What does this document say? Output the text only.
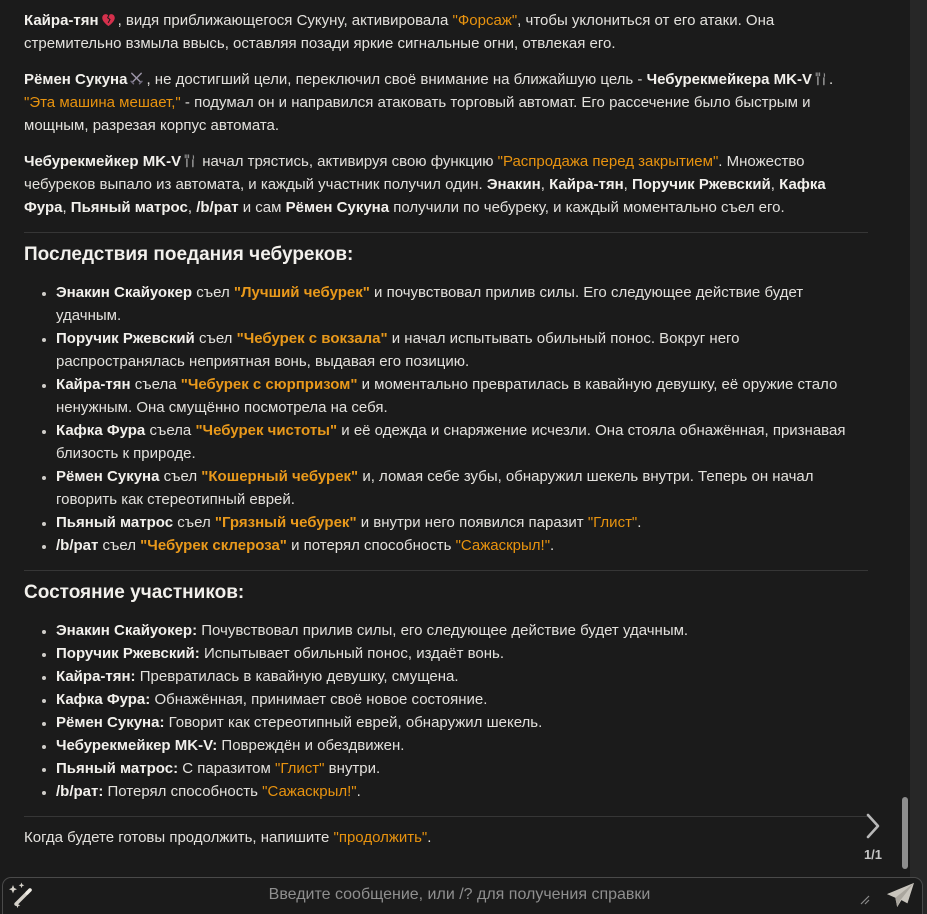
Кайра-тян , видя приближающегося Сукуну, активировала "Форсаж", чтобы уклониться от его атаки. Она стремительно взмыла ввысь, оставляя позади яркие сигнальные огни, отвлекая его.

Рёмен Сукуна , не достигший цели, переключил своё внимание на ближайшую цель - Чебурекмейкера MK-V . "Эта машина мешает," - подумал он и направился атаковать торговый автомат. Его рассечение было быстрым и мощным, разрезая корпус автомата.

Чебурекмейкер MK-V
начал трястись, активируя свою функцию "Распродажа перед закрытием". Множество чебуреков выпало из автомата, и каждый участник получил один. Энакин, Кайра-тян, Поручик Ржевский, Кафка Фура, Пьяный матрос, /b/рат и сам Рёмен Сукуна получили по чебуреку, и каждый моментально съел его.

Последствия поедания чебуреков:
• Энакин Скайуокер съел "Лучший чебурек" и почувствовал прилив силы. Его следующее действие будет удачным.
• Поручик Ржевский съел "Чебурек с вокзала" и начал испытывать обильный понос. Вокруг него распространялась неприятная вонь, выдавая его позицию.
• Кайра-тян съела "Чебурек с сюрпризом" и моментально превратилась в кавайную девушку, её оружие стало ненужным. Она смущённо посмотрела на себя.
• Кафка Фура съела "Чебурек чистоты" и её одежда и снаряжение исчезли. Она стояла обнажённая, признавая близость к природе.
• Рёмен Сукуна съел "Кошерный чебурек" и, ломая себе зубы, обнаружил шекель внутри. Теперь он начал говорить как стереотипный еврей.
• Пьяный матрос съел "Грязный чебурек" и внутри него появился паразит "Глист".
• /b/рат съел "Чебурек склероза" и потерял способность "Сажаскрыл!".
Состояние участников:
• Энакин Скайуокер: Почувствовал прилив силы, его следующее действие будет удачным.
• Поручик Ржевский: Испытывает обильный понос, издаёт вонь.
• Кайра-тян: Превратилась в кавайную девушку, смущена.
• Кафка Фура: Обнажённая, принимает своё новое состояние.
• Рёмен Сукуна: Говорит как стереотипный еврей, обнаружил шекель.
• Чебурекмейкер MK-V: Повреждён и обездвижен.
• Пьяный матрос: С паразитом "Глист" внутри.
• /b/рат: Потерял способность "Сажаскрыл!".

Когда будете готовы продолжить, напишите "продолжить".

1/1
Введите сообщение, или /? для получения справки
